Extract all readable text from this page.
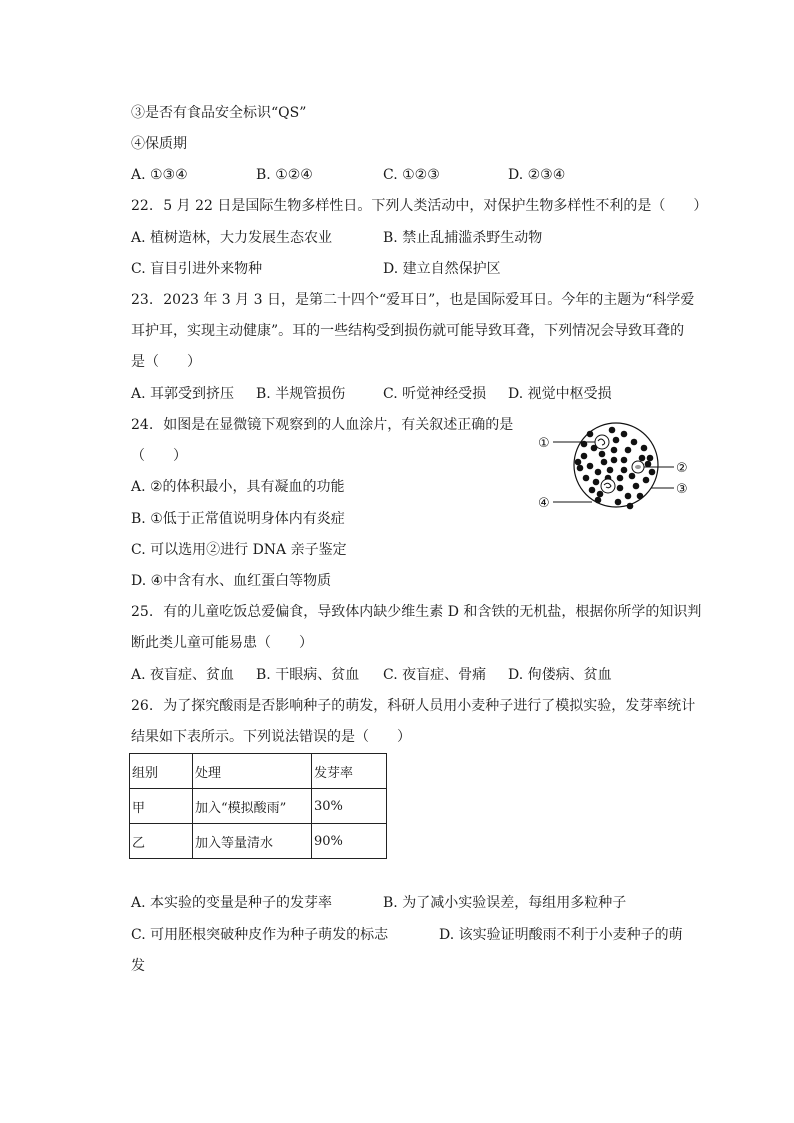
③是否有食品安全标识“QS”
④保质期
A. ①③④	B. ①②④	C. ①②③	D. ②③④
22. 5 月 22 日是国际生物多样性日。下列人类活动中，对保护生物多样性不利的是（　　）
A. 植树造林，大力发展生态农业	B. 禁止乱捕滥杀野生动物
C. 盲目引进外来物种	D. 建立自然保护区
23. 2023 年 3 月 3 日，是第二十四个“爱耳日”，也是国际爱耳日。今年的主题为“科学爱
耳护耳，实现主动健康”。耳的一些结构受到损伤就可能导致耳聋，下列情况会导致耳聋的
是（　　）
A. 耳郭受到挤压 B. 半规管损伤	C. 听觉神经受损 D. 视觉中枢受损
24. 如图是在显微镜下观察到的人血涂片，有关叙述正确的是
（　　）
A. ②的体积最小，具有凝血的功能
B. ①低于正常值说明身体内有炎症
C. 可以选用②进行 DNA 亲子鉴定
D. ④中含有水、血红蛋白等物质
①
②
③
④
25. 有的儿童吃饭总爱偏食，导致体内缺少维生素 D 和含铁的无机盐，根据你所学的知识判
断此类儿童可能易患（　　）
A. 夜盲症、贫血 B. 干眼病、贫血 C. 夜盲症、骨痛 D. 佝偻病、贫血
26. 为了探究酸雨是否影响种子的萌发，科研人员用小麦种子进行了模拟实验，发芽率统计
结果如下表所示。下列说法错误的是（　　）
组别	处理	发芽率
甲	加入“模拟酸雨”	30%
乙	加入等量清水	90%
A. 本实验的变量是种子的发芽率	B. 为了减小实验误差，每组用多粒种子
C. 可用胚根突破种皮作为种子萌发的标志	D. 该实验证明酸雨不利于小麦种子的萌
发
